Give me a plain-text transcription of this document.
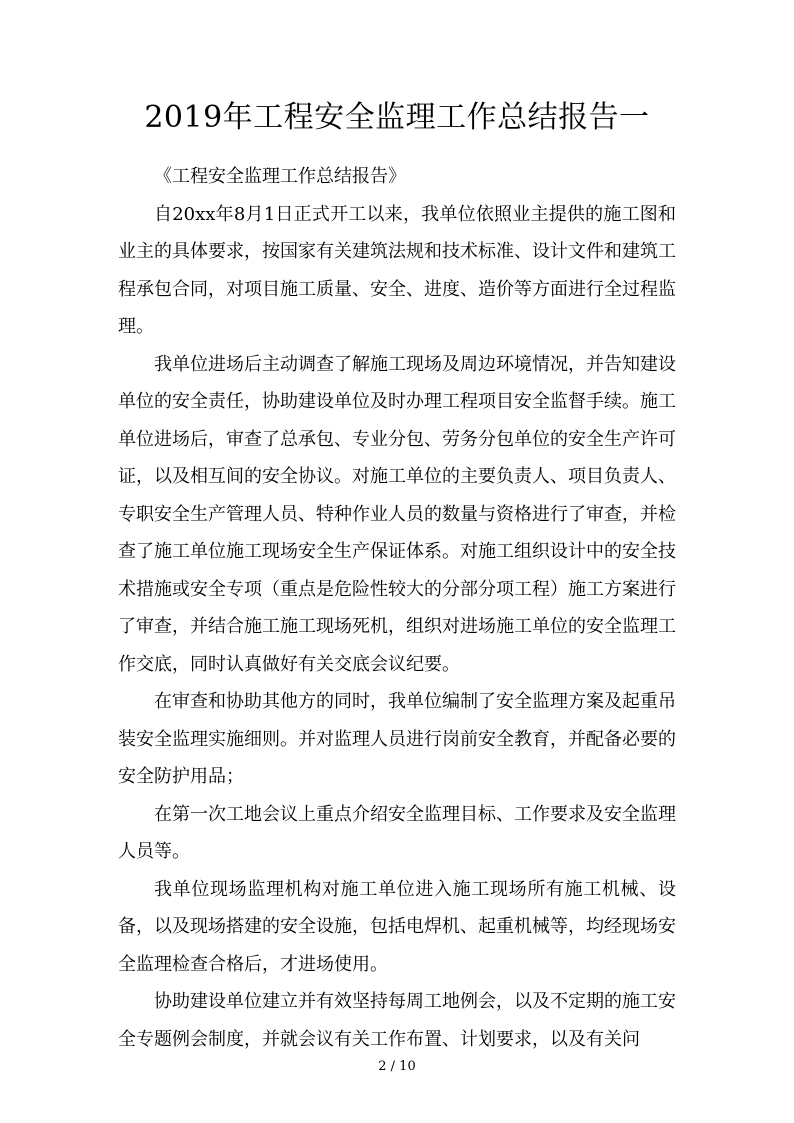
2019年工程安全监理工作总结报告一

《工程安全监理工作总结报告》

自20xx年8月1日正式开工以来，我单位依照业主提供的施工图和业主的具体要求，按国家有关建筑法规和技术标准、设计文件和建筑工程承包合同，对项目施工质量、安全、进度、造价等方面进行全过程监理。

我单位进场后主动调查了解施工现场及周边环境情况，并告知建设单位的安全责任，协助建设单位及时办理工程项目安全监督手续。施工单位进场后，审查了总承包、专业分包、劳务分包单位的安全生产许可证，以及相互间的安全协议。对施工单位的主要负责人、项目负责人、专职安全生产管理人员、特种作业人员的数量与资格进行了审查，并检查了施工单位施工现场安全生产保证体系。对施工组织设计中的安全技术措施或安全专项（重点是危险性较大的分部分项工程）施工方案进行了审查，并结合施工施工现场死机，组织对进场施工单位的安全监理工作交底，同时认真做好有关交底会议纪要。

在审查和协助其他方的同时，我单位编制了安全监理方案及起重吊装安全监理实施细则。并对监理人员进行岗前安全教育，并配备必要的安全防护用品；

在第一次工地会议上重点介绍安全监理目标、工作要求及安全监理人员等。

我单位现场监理机构对施工单位进入施工现场所有施工机械、设备，以及现场搭建的安全设施，包括电焊机、起重机械等，均经现场安全监理检查合格后，才进场使用。

协助建设单位建立并有效坚持每周工地例会，以及不定期的施工安全专题例会制度，并就会议有关工作布置、计划要求，以及有关问

2 / 10
